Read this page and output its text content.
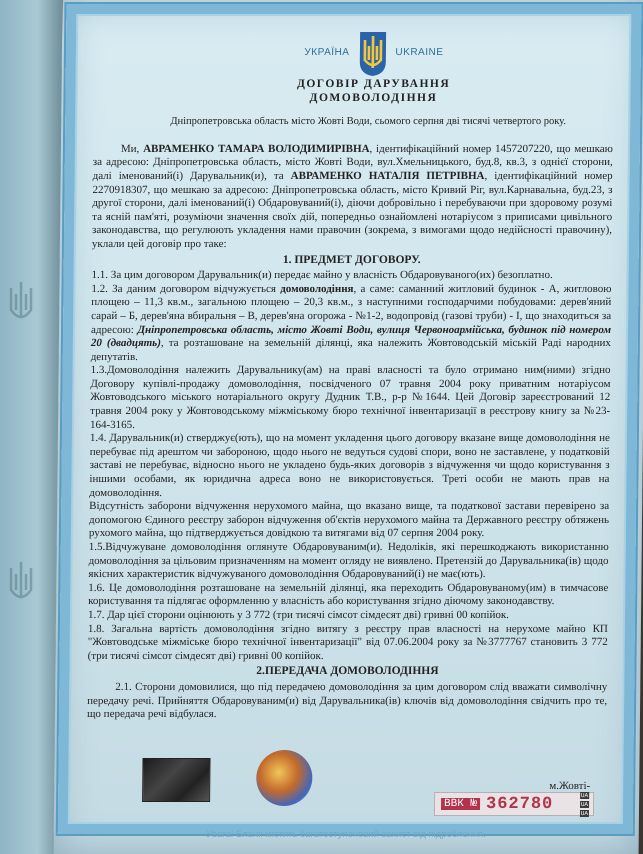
УКРАЇНА	UKRAINE
ДОГОВІР ДАРУВАННЯ
ДОМОВОЛОДІННЯ
Дніпропетровська область місто Жовті Води, сьомого серпня дві тисячі четвертого року.

Ми, АВРАМЕНКО ТАМАРА ВОЛОДИМИРІВНА, ідентифікаційний номер 1457207220, що мешкаю за адресою: Дніпропетровська область, місто Жовті Води, вул.Хмельницького, буд.8, кв.3, з однієї сторони, далі іменований(і) Дарувальник(и), та АВРАМЕНКО НАТАЛІЯ ПЕТРІВНА, ідентифікаційний номер 2270918307, що мешкаю за адресою: Дніпропетровська область, місто Кривий Ріг, вул.Карнавальна, буд.23, з другої сторони, далі іменований(і) Обдаровуваний(і), діючи добровільно і перебуваючи при здоровому розумі та ясній пам'яті, розуміючи значення своїх дій, попередньо ознайомлені нотаріусом з приписами цивільного законодавства, що регулюють укладення нами правочин (зокрема, з вимогами щодо недійсності правочину), уклали цей договір про таке:

1. ПРЕДМЕТ ДОГОВОРУ.

1.1. За цим договором Дарувальник(и) передає майно у власність Обдаровуваного(их) безоплатно.

1.2. За даним договором відчужується домоволодіння, а саме: саманний житловий будинок - А, житловою площею – 11,3 кв.м., загальною площею – 20,3 кв.м., з наступними господарчими побудовами: дерев'яний сарай – Б, дерев'яна вбиральня – В, дерев'яна огорожа - №1-2, водопровід (газові труби) - І, що знаходиться за адресою: Дніпропетровська область, місто Жовті Води, вулиця Червоноармійська, будинок під номером 20 (двадцять), та розташоване на земельній ділянці, яка належить Жовтоводській міській Раді народних депутатів.

1.3.Домоволодіння належить Дарувальнику(ам) на праві власності та було отримано ним(ними) згідно Договору купівлі-продажу домоволодіння, посвідченого 07 травня 2004 року приватним нотаріусом Жовтоводського міського нотаріального округу Дудник Т.В., р-р №1644. Цей Договір зареєстрований 12 травня 2004 року у Жовтоводському міжміському бюро технічної інвентаризації в реєстрову книгу за №23-164-3165.

1.4. Дарувальник(и) стверджує(ють), що на момент укладення цього договору вказане вище домоволодіння не перебуває під арештом чи забороною, щодо нього не ведуться судові спори, воно не заставлене, у податковій заставі не перебуває, відносно нього не укладено будь-яких договорів з відчуження чи щодо користування з іншими особами, як юридична адреса воно не використовується. Треті особи не мають прав на домоволодіння.

Відсутність заборони відчуження нерухомого майна, що вказано вище, та податкової застави перевірено за допомогою Єдиного реєстру заборон відчуження об'єктів нерухомого майна та Державного реєстру обтяжень рухомого майна, що підтверджується довідкою та витягами від 07 серпня 2004 року.

1.5.Відчужуване домоволодіння оглянуте Обдаровуваним(и). Недоліків, які перешкоджають використанню домоволодіння за цільовим призначенням на момент огляду не виявлено. Претензій до Дарувальника(ів) щодо якісних характеристик відчужуваного домоволодіння Обдаровуваний(і) не має(ють).

1.6. Це домоволодіння розташоване на земельній ділянці, яка переходить Обдаровуваному(им) в тимчасове користування та підлягає оформленню у власність або користування згідно діючому законодавству.

1.7. Дар цієї сторони оцінюють у 3 772 (три тисячі сімсот сімдесят дві) гривні 00 копійок.

1.8. Загальна вартість домоволодіння згідно витягу з реєстру прав власності на нерухоме майно КП "Жовтоводське міжміське бюро технічної інвентаризації" від 07.06.2004 року за №3777767 становить 3 772 (три тисячі сімсот сімдесят дві) гривні 00 копійок.

2.ПЕРЕДАЧА ДОМОВОЛОДІННЯ

2.1. Сторони домовилися, що під передачею домоволодіння за цим договором слід вважати символічну передачу речі. Прийняття Обдаровуваним(и) від Дарувальника(ів) ключів від домоволодіння свідчить про те, що передача речі відбулася.

м.Жовті-
ВВК № 362780	UA
UA
UA
Увага! Бланк містить багатоступеневий захист від підроблення.
